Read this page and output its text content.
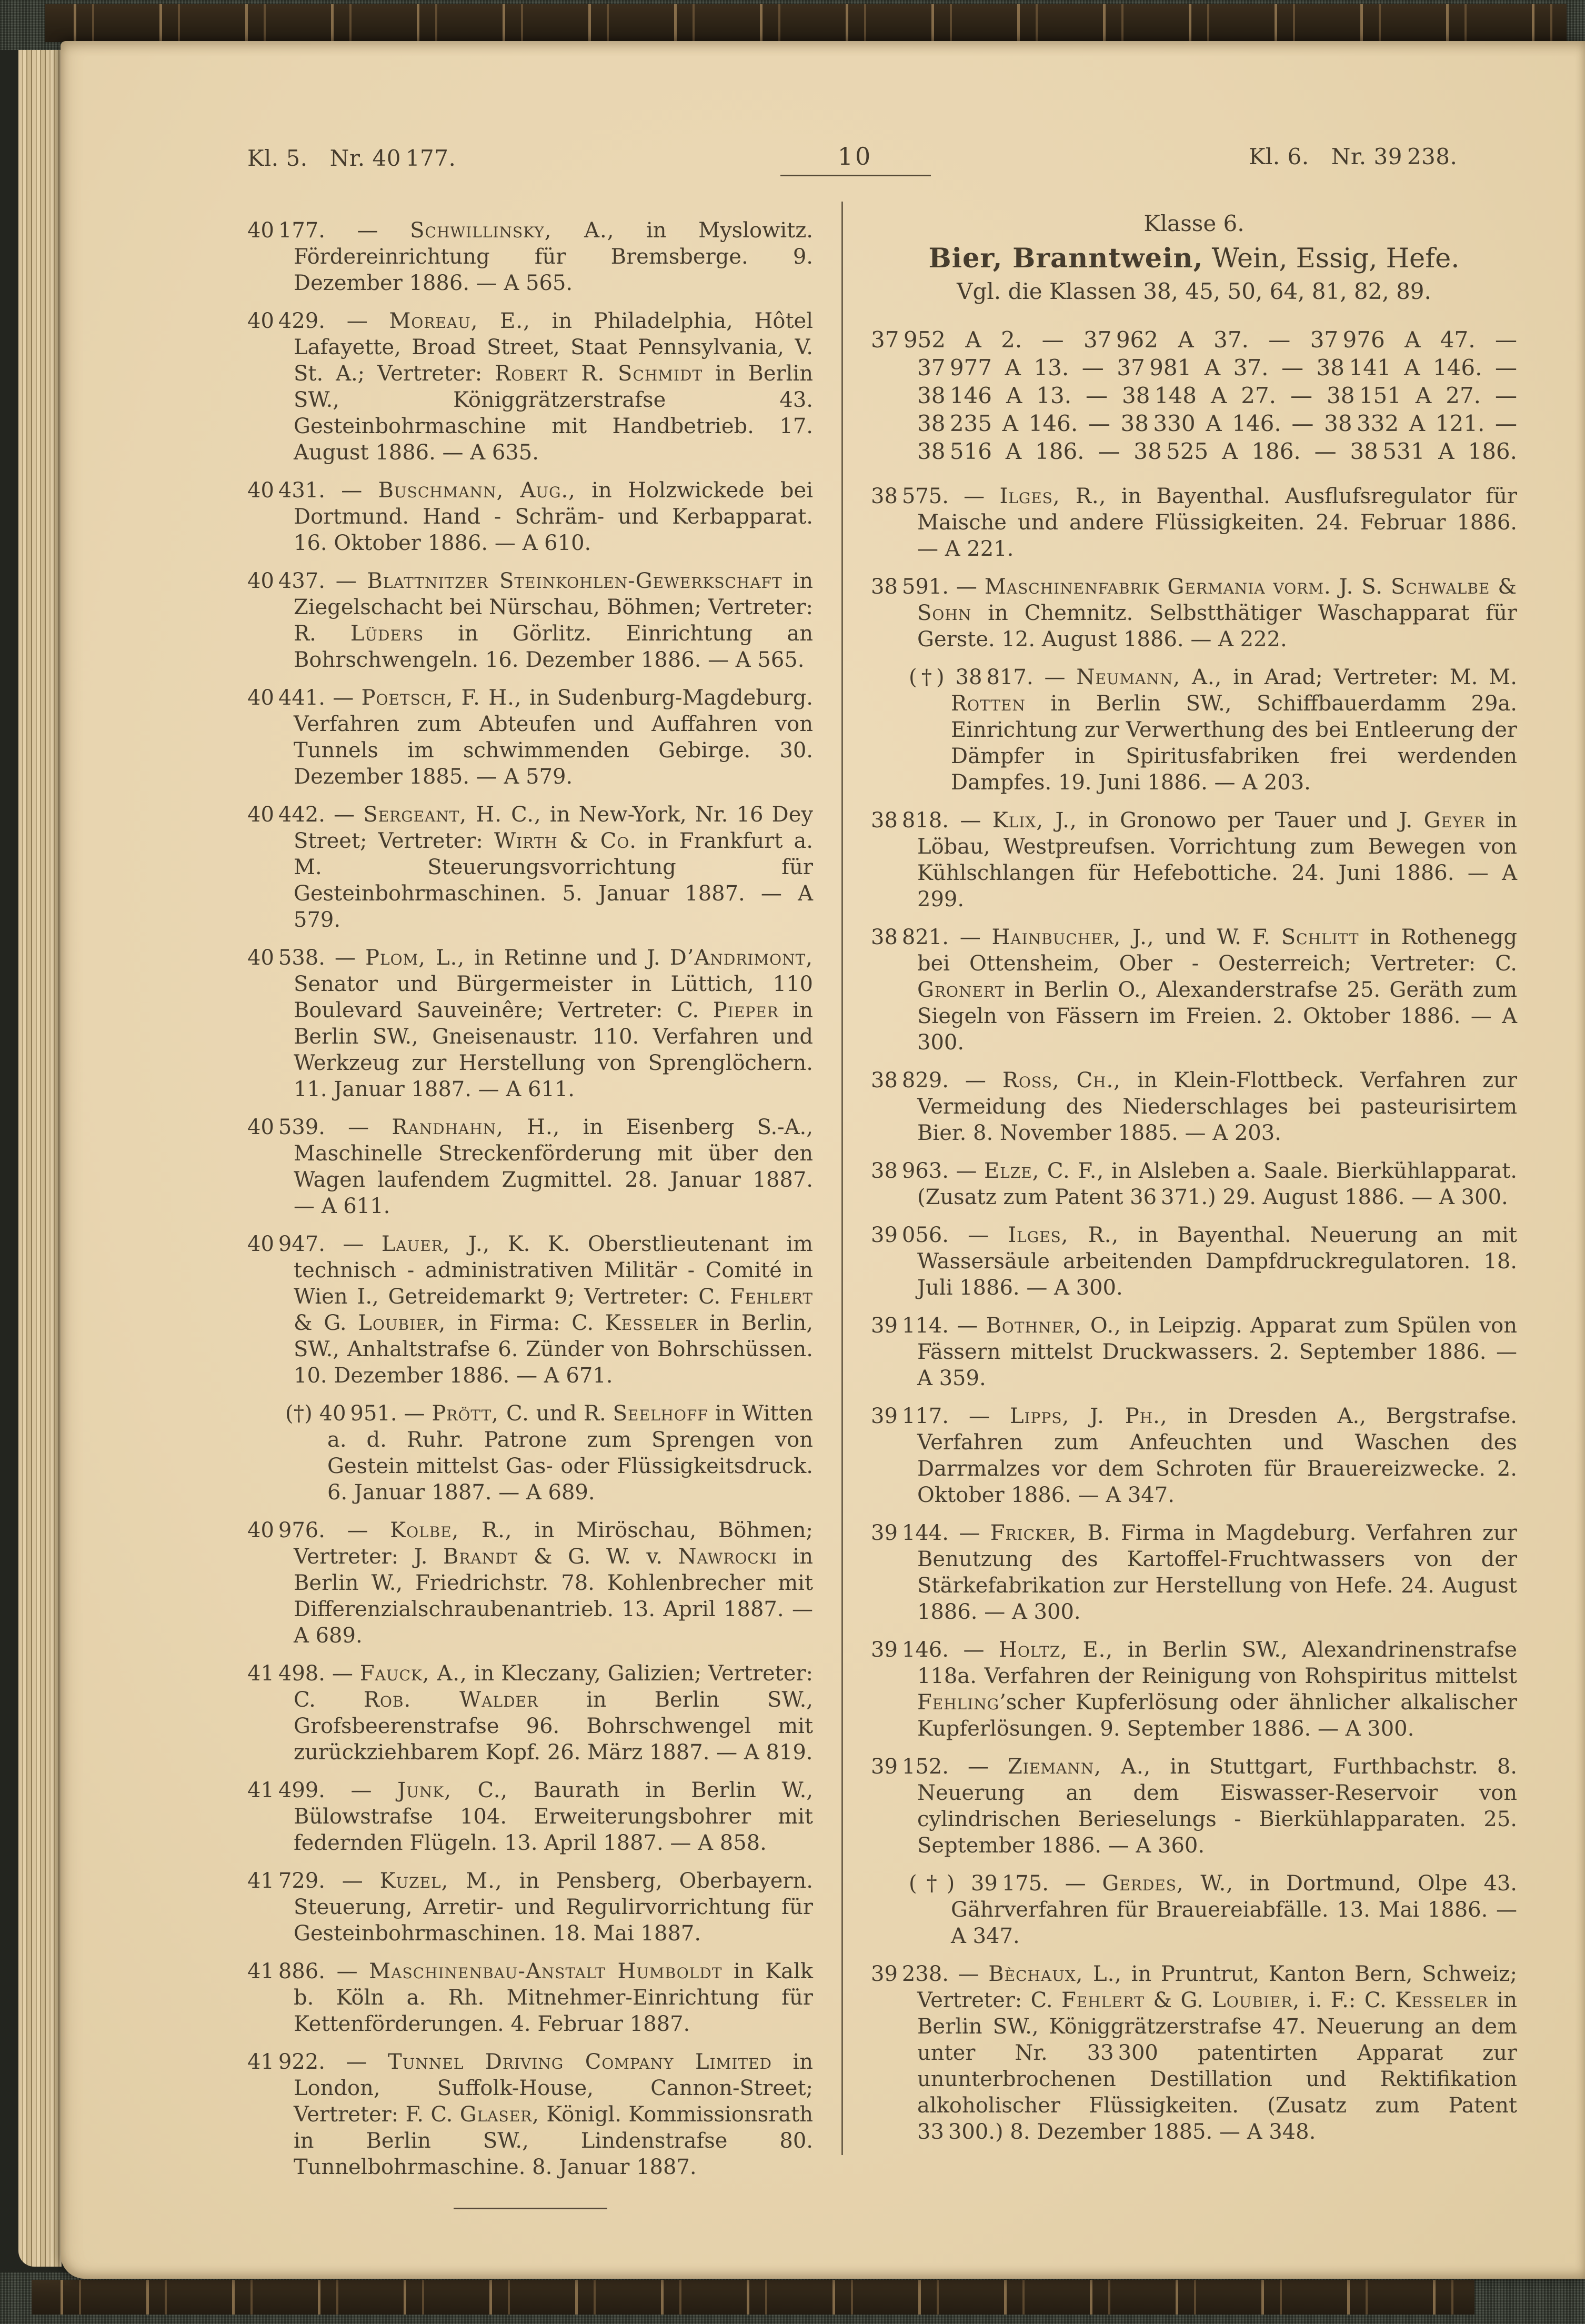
Kl. 5. Nr. 40 177.	10	Kl. 6. Nr. 39 238.

40 177. — Schwillinsky, A., in Myslowitz. Fördereinrichtung für Bremsberge. 9. Dezember 1886. — A 565.

40 429. — Moreau, E., in Philadelphia, Hôtel Lafayette, Broad Street, Staat Pennsylvania, V. St. A.; Vertreter: Robert R. Schmidt in Berlin SW., Königgrätzerstrafse 43. Gesteinbohrmaschine mit Handbetrieb. 17. August 1886. — A 635.

40 431. — Buschmann, Aug., in Holzwickede bei Dortmund. Hand - Schräm- und Kerbapparat. 16. Oktober 1886. — A 610.

40 437. — Blattnitzer Steinkohlen-Gewerkschaft in Ziegelschacht bei Nürschau, Böhmen; Vertreter: R. Lüders in Görlitz. Einrichtung an Bohrschwengeln. 16. Dezember 1886. — A 565.

40 441. — Poetsch, F. H., in Sudenburg-Magdeburg. Verfahren zum Abteufen und Auffahren von Tunnels im schwimmenden Gebirge. 30. Dezember 1885. — A 579.

40 442. — Sergeant, H. C., in New-York, Nr. 16 Dey Street; Vertreter: Wirth & Co. in Frankfurt a. M. Steuerungsvorrichtung für Gesteinbohrmaschinen. 5. Januar 1887. — A 579.

40 538. — Plom, L., in Retinne und J. D’Andrimont, Senator und Bürgermeister in Lüttich, 110 Boulevard Sauveinêre; Vertreter: C. Pieper in Berlin SW., Gneisenaustr. 110. Verfahren und Werkzeug zur Herstellung von Sprenglöchern. 11. Januar 1887. — A 611.

40 539. — Randhahn, H., in Eisenberg S.-A., Maschinelle Streckenförderung mit über den Wagen laufendem Zugmittel. 28. Januar 1887. — A 611.

40 947. — Lauer, J., K. K. Oberstlieutenant im technisch - administrativen Militär - Comité in Wien I., Getreidemarkt 9; Vertreter: C. Fehlert & G. Loubier, in Firma: C. Kesseler in Berlin, SW., Anhaltstrafse 6. Zünder von Bohrschüssen. 10. Dezember 1886. — A 671.

(†) 40 951. — Prött, C. und R. Seelhoff in Witten a. d. Ruhr. Patrone zum Sprengen von Gestein mittelst Gas- oder Flüssigkeitsdruck. 6. Januar 1887. — A 689.

40 976. — Kolbe, R., in Miröschau, Böhmen; Vertreter: J. Brandt & G. W. v. Nawrocki in Berlin W., Friedrichstr. 78. Kohlenbrecher mit Differenzialschraubenantrieb. 13. April 1887. — A 689.

41 498. — Fauck, A., in Kleczany, Galizien; Vertreter: C. Rob. Walder in Berlin SW., Grofsbeerenstrafse 96. Bohrschwengel mit zurückziehbarem Kopf. 26. März 1887. — A 819.

41 499. — Junk, C., Baurath in Berlin W., Bülowstrafse 104. Erweiterungsbohrer mit federnden Flügeln. 13. April 1887. — A 858.

41 729. — Kuzel, M., in Pensberg, Oberbayern. Steuerung, Arretir- und Regulirvorrichtung für Gesteinbohrmaschinen. 18. Mai 1887.

41 886. — Maschinenbau-Anstalt Humboldt in Kalk b. Köln a. Rh. Mitnehmer-Einrichtung für Kettenförderungen. 4. Februar 1887.

41 922. — Tunnel Driving Company Limited in London, Suffolk-House, Cannon-Street; Vertreter: F. C. Glaser, Königl. Kommissionsrath in Berlin SW., Lindenstrafse 80. Tunnelbohrmaschine. 8. Januar 1887.

Klasse 6.
Bier, Branntwein, Wein, Essig, Hefe.
Vgl. die Klassen 38, 45, 50, 64, 81, 82, 89.
37 952 A 2. — 37 962 A 37. — 37 976 A 47. —
37 977 A 13. — 37 981 A 37. — 38 141 A 146. —
38 146 A 13. — 38 148 A 27. — 38 151 A 27. —
38 235 A 146. — 38 330 A 146. — 38 332 A 121. —
38 516 A 186. — 38 525 A 186. — 38 531 A 186.

38 575. — Ilges, R., in Bayenthal. Ausflufsregulator für Maische und andere Flüssigkeiten. 24. Februar 1886. — A 221.

38 591. — Maschinenfabrik Germania vorm. J. S. Schwalbe & Sohn in Chemnitz. Selbstthätiger Waschapparat für Gerste. 12. August 1886. — A 222.

(†) 38 817. — Neumann, A., in Arad; Vertreter: M. M. Rotten in Berlin SW., Schiffbauerdamm 29a. Einrichtung zur Verwerthung des bei Entleerung der Dämpfer in Spiritusfabriken frei werdenden Dampfes. 19. Juni 1886. — A 203.

38 818. — Klix, J., in Gronowo per Tauer und J. Geyer in Löbau, Westpreufsen. Vorrichtung zum Bewegen von Kühlschlangen für Hefebottiche. 24. Juni 1886. — A 299.

38 821. — Hainbucher, J., und W. F. Schlitt in Rothenegg bei Ottensheim, Ober - Oesterreich; Vertreter: C. Gronert in Berlin O., Alexanderstrafse 25. Geräth zum Siegeln von Fässern im Freien. 2. Oktober 1886. — A 300.

38 829. — Ross, Ch., in Klein-Flottbeck. Verfahren zur Vermeidung des Niederschlages bei pasteurisirtem Bier. 8. November 1885. — A 203.

38 963. — Elze, C. F., in Alsleben a. Saale. Bierkühlapparat. (Zusatz zum Patent 36 371.) 29. August 1886. — A 300.

39 056. — Ilges, R., in Bayenthal. Neuerung an mit Wassersäule arbeitenden Dampfdruckregulatoren. 18. Juli 1886. — A 300.

39 114. — Bothner, O., in Leipzig. Apparat zum Spülen von Fässern mittelst Druckwassers. 2. September 1886. — A 359.

39 117. — Lipps, J. Ph., in Dresden A., Bergstrafse. Verfahren zum Anfeuchten und Waschen des Darrmalzes vor dem Schroten für Brauereizwecke. 2. Oktober 1886. — A 347.

39 144. — Fricker, B. Firma in Magdeburg. Verfahren zur Benutzung des Kartoffel-Fruchtwassers von der Stärkefabrikation zur Herstellung von Hefe. 24. August 1886. — A 300.

39 146. — Holtz, E., in Berlin SW., Alexandrinenstrafse 118a. Verfahren der Reinigung von Rohspiritus mittelst Fehling’scher Kupferlösung oder ähnlicher alkalischer Kupferlösungen. 9. September 1886. — A 300.

39 152. — Ziemann, A., in Stuttgart, Furthbachstr. 8. Neuerung an dem Eiswasser-Reservoir von cylindrischen Berieselungs - Bierkühlapparaten. 25. September 1886. — A 360.

(†) 39 175. — Gerdes, W., in Dortmund, Olpe 43. Gährverfahren für Brauereiabfälle. 13. Mai 1886. — A 347.

39 238. — Bèchaux, L., in Pruntrut, Kanton Bern, Schweiz; Vertreter: C. Fehlert & G. Loubier, i. F.: C. Kesseler in Berlin SW., Königgrätzerstrafse 47. Neuerung an dem unter Nr. 33 300 patentirten Apparat zur ununterbrochenen Destillation und Rektifikation alkoholischer Flüssigkeiten. (Zusatz zum Patent 33 300.) 8. Dezember 1885. — A 348.
